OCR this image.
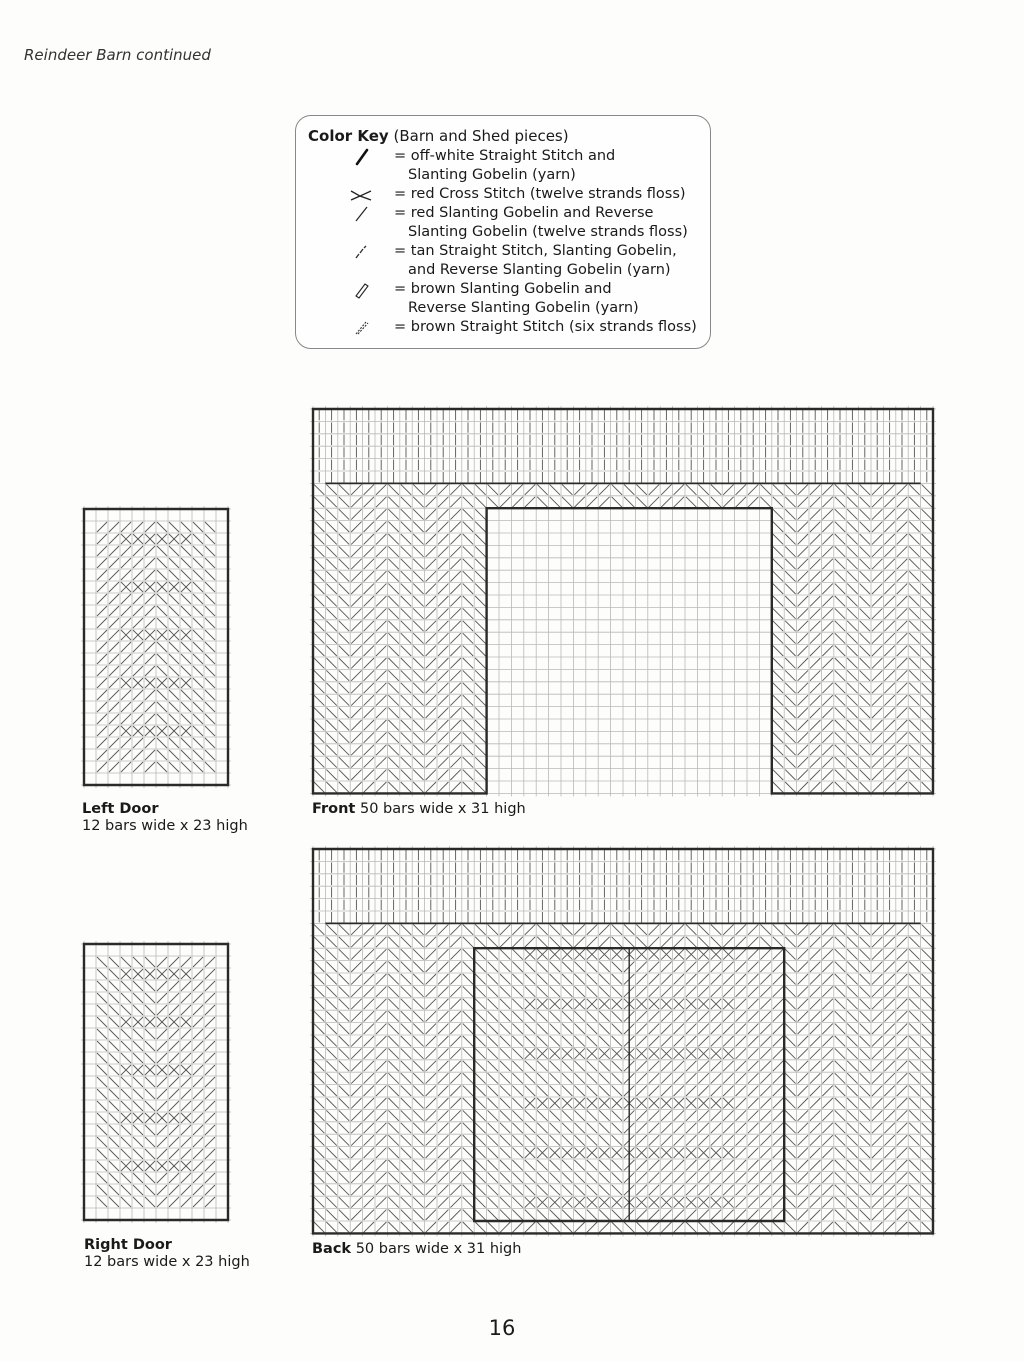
Reindeer Barn continued
Color Key (Barn and Shed pieces)
= off-white Straight Stitch and
Slanting Gobelin (yarn)
= red Cross Stitch (twelve strands floss)
= red Slanting Gobelin and Reverse
Slanting Gobelin (twelve strands floss)
= tan Straight Stitch, Slanting Gobelin,
and Reverse Slanting Gobelin (yarn)
= brown Slanting Gobelin and
Reverse Slanting Gobelin (yarn)
= brown Straight Stitch (six strands floss)
Left Door
12 bars wide x 23 high
Front 50 bars wide x 31 high
Right Door
12 bars wide x 23 high
Back 50 bars wide x 31 high
16
